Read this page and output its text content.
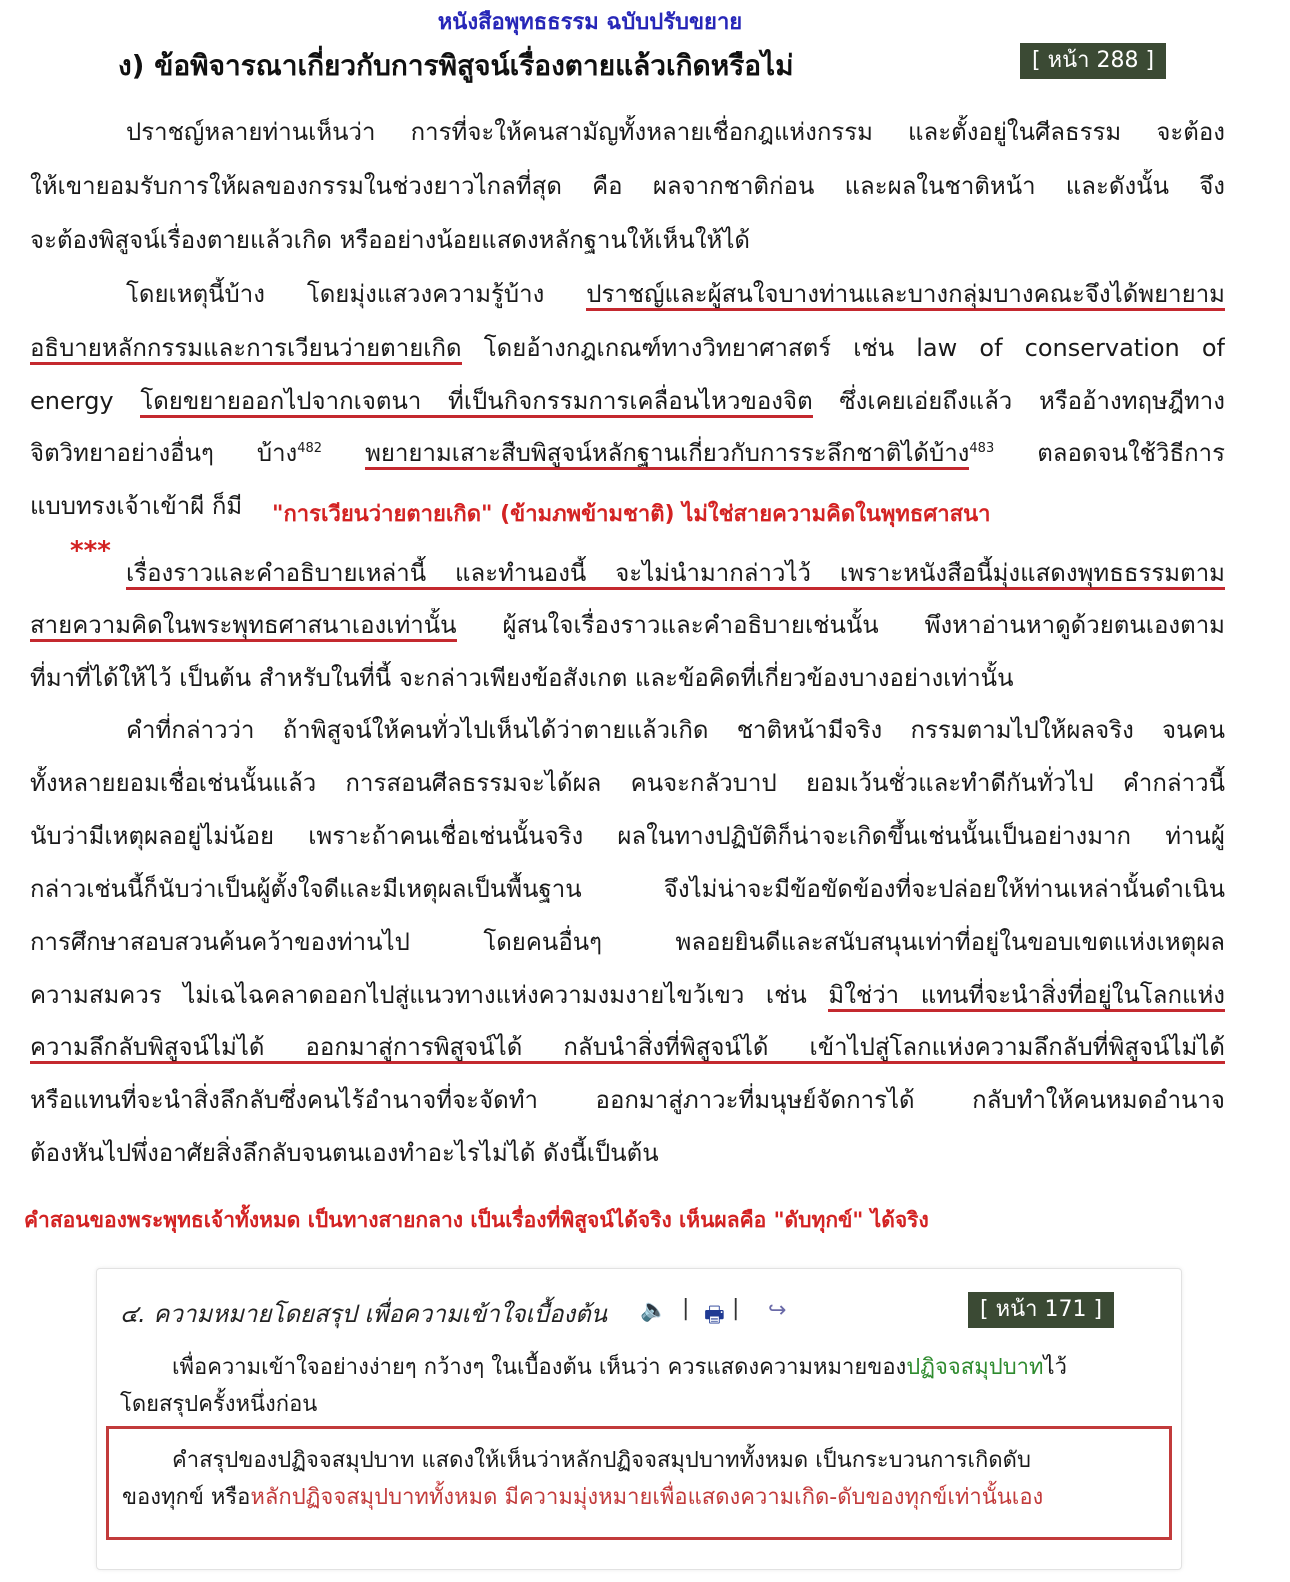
หนังสือพุทธธรรม ฉบับปรับขยาย
ง) ข้อพิจารณาเกี่ยวกับการพิสูจน์เรื่องตายแล้วเกิดหรือไม่	[ หน้า 288 ]
ปราชญ์หลายท่านเห็นว่า การที่จะให้คนสามัญทั้งหลายเชื่อกฎแห่งกรรม และตั้งอยู่ในศีลธรรม จะต้อง
ให้เขายอมรับการให้ผลของกรรมในช่วงยาวไกลที่สุด คือ ผลจากชาติก่อน และผลในชาติหน้า และดังนั้น จึง
จะต้องพิสูจน์เรื่องตายแล้วเกิด หรืออย่างน้อยแสดงหลักฐานให้เห็นให้ได้
โดยเหตุนี้บ้าง โดยมุ่งแสวงความรู้บ้าง ปราชญ์และผู้สนใจบางท่านและบางกลุ่มบางคณะจึงได้พยายาม
อธิบายหลักกรรมและการเวียนว่ายตายเกิด โดยอ้างกฎเกณฑ์ทางวิทยาศาสตร์ เช่น law of conservation of
energy โดยขยายออกไปจากเจตนา ที่เป็นกิจกรรมการเคลื่อนไหวของจิต ซึ่งเคยเอ่ยถึงแล้ว หรืออ้างทฤษฎีทาง
จิตวิทยาอย่างอื่นๆ บ้าง$^{482}$ พยายามเสาะสืบพิสูจน์หลักฐานเกี่ยวกับการระลึกชาติได้บ้าง$^{483}$ ตลอดจนใช้วิธีการ
แบบทรงเจ้าเข้าผี ก็มี	"การเวียนว่ายตายเกิด" (ข้ามภพข้ามชาติ) ไม่ใช่สายความคิดในพุทธศาสนา
***
เรื่องราวและคำอธิบายเหล่านี้ และทำนองนี้ จะไม่นำมากล่าวไว้ เพราะหนังสือนี้มุ่งแสดงพุทธธรรมตาม
สายความคิดในพระพุทธศาสนาเองเท่านั้น ผู้สนใจเรื่องราวและคำอธิบายเช่นนั้น พึงหาอ่านหาดูด้วยตนเองตาม
ที่มาที่ได้ให้ไว้ เป็นต้น สำหรับในที่นี้ จะกล่าวเพียงข้อสังเกต และข้อคิดที่เกี่ยวข้องบางอย่างเท่านั้น
คำที่กล่าวว่า ถ้าพิสูจน์ให้คนทั่วไปเห็นได้ว่าตายแล้วเกิด ชาติหน้ามีจริง กรรมตามไปให้ผลจริง จนคน
ทั้งหลายยอมเชื่อเช่นนั้นแล้ว การสอนศีลธรรมจะได้ผล คนจะกลัวบาป ยอมเว้นชั่วและทำดีกันทั่วไป คำกล่าวนี้
นับว่ามีเหตุผลอยู่ไม่น้อย เพราะถ้าคนเชื่อเช่นนั้นจริง ผลในทางปฏิบัติก็น่าจะเกิดขึ้นเช่นนั้นเป็นอย่างมาก ท่านผู้
กล่าวเช่นนี้ก็นับว่าเป็นผู้ตั้งใจดีและมีเหตุผลเป็นพื้นฐาน จึงไม่น่าจะมีข้อขัดข้องที่จะปล่อยให้ท่านเหล่านั้นดำเนิน
การศึกษาสอบสวนค้นคว้าของท่านไป โดยคนอื่นๆ พลอยยินดีและสนับสนุนเท่าที่อยู่ในขอบเขตแห่งเหตุผล
ความสมควร ไม่เฉไฉคลาดออกไปสู่แนวทางแห่งความงมงายไขว้เขว เช่น มิใช่ว่า แทนที่จะนำสิ่งที่อยู่ในโลกแห่ง
ความลึกลับพิสูจน์ไม่ได้ ออกมาสู่การพิสูจน์ได้ กลับนำสิ่งที่พิสูจน์ได้ เข้าไปสู่โลกแห่งความลึกลับที่พิสูจน์ไม่ได้
หรือแทนที่จะนำสิ่งลึกลับซึ่งคนไร้อำนาจที่จะจัดทำ ออกมาสู่ภาวะที่มนุษย์จัดการได้ กลับทำให้คนหมดอำนาจ
ต้องหันไปพึ่งอาศัยสิ่งลึกลับจนตนเองทำอะไรไม่ได้ ดังนี้เป็นต้น
คำสอนของพระพุทธเจ้าทั้งหมด เป็นทางสายกลาง เป็นเรื่องที่พิสูจน์ได้จริง เห็นผลคือ "ดับทุกข์" ได้จริง
๔. ความหมายโดยสรุป เพื่อความเข้าใจเบื้องต้น 🔈 | 🖶 | ↪	[ หน้า 171 ]
เพื่อความเข้าใจอย่างง่ายๆ กว้างๆ ในเบื้องต้น เห็นว่า ควรแสดงความหมายของปฏิจจสมุปบาทไว้
โดยสรุปครั้งหนึ่งก่อน
คำสรุปของปฏิจจสมุปบาท แสดงให้เห็นว่าหลักปฏิจจสมุปบาททั้งหมด เป็นกระบวนการเกิดดับ
ของทุกข์ หรือหลักปฏิจจสมุปบาททั้งหมด มีความมุ่งหมายเพื่อแสดงความเกิด-ดับของทุกข์เท่านั้นเอง
